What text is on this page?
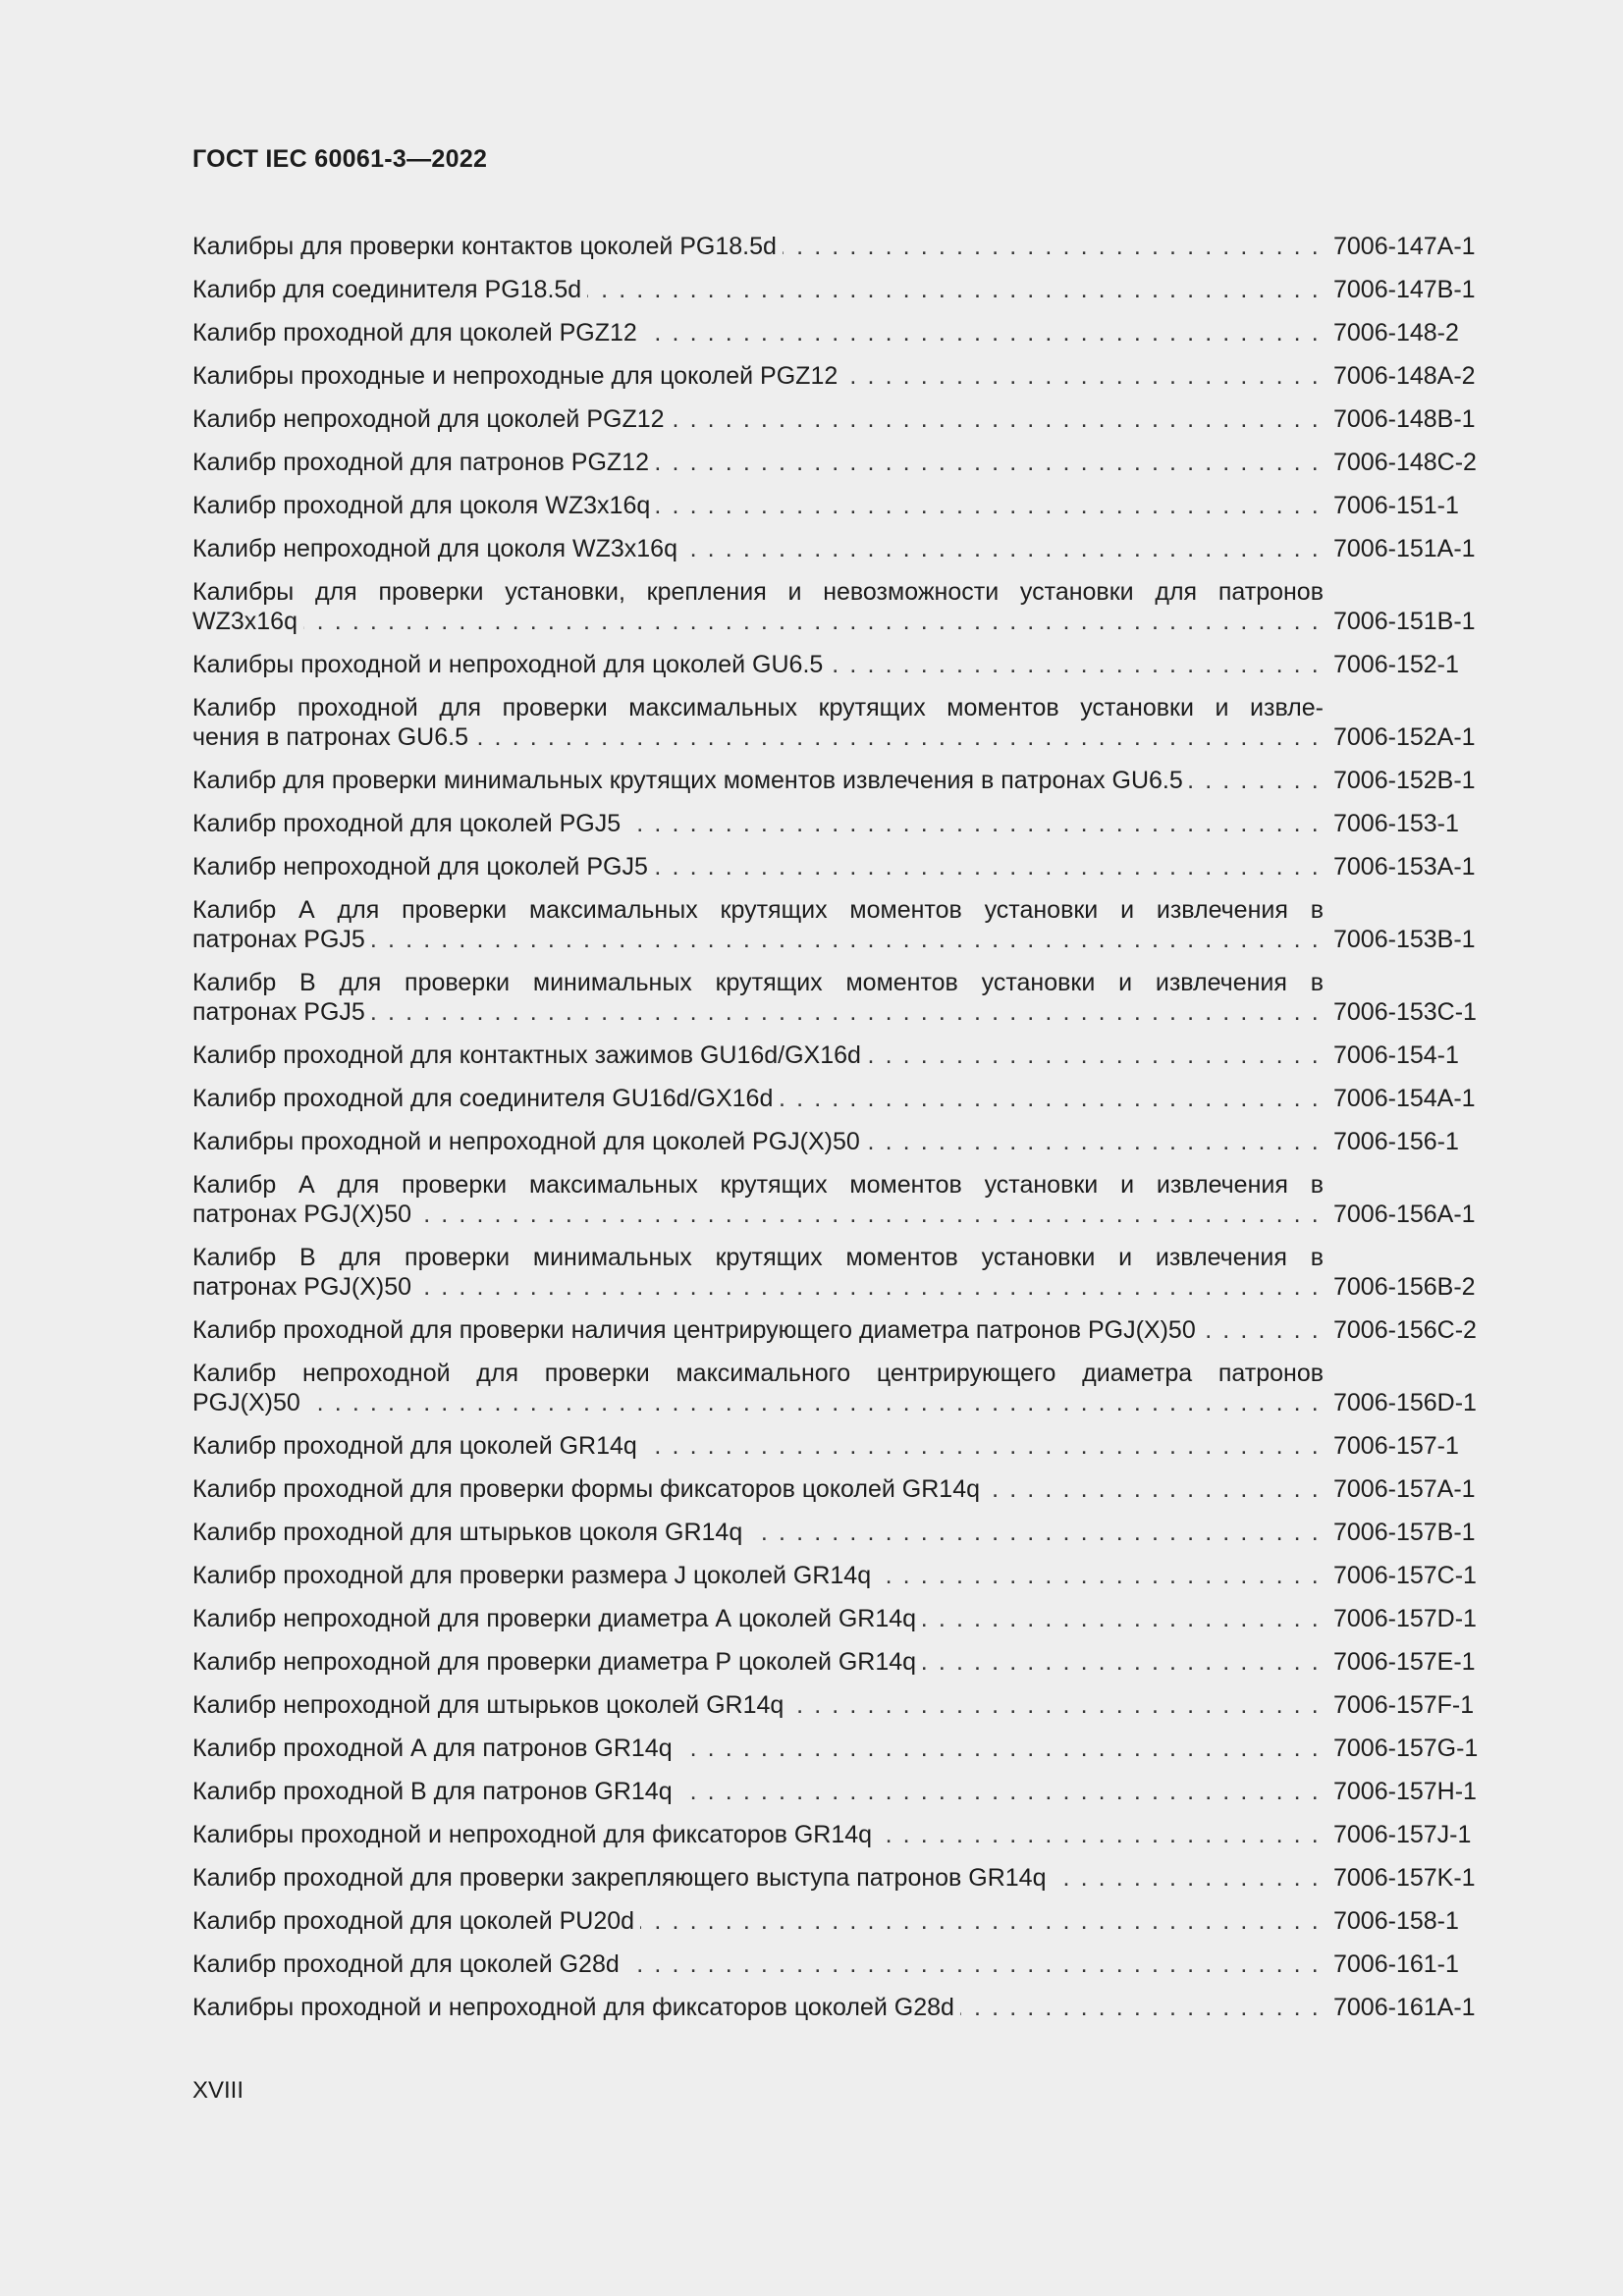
ГОСТ IEC 60061-3—2022
Калибры для проверки контактов цоколей PG18.5d . . .	7006-147A-1
Калибр для соединителя PG18.5d . . .	7006-147B-1
Калибр проходной для цоколей PGZ12 . . .	7006-148-2
Калибры проходные и непроходные для цоколей PGZ12 . . .	7006-148A-2
Калибр непроходной для цоколей PGZ12 . . .	7006-148B-1
Калибр проходной для патронов PGZ12 . . .	7006-148C-2
Калибр проходной для цоколя WZ3x16q . . .	7006-151-1
Калибр непроходной для цоколя WZ3x16q . . .	7006-151A-1
Калибры для проверки установки, крепления и невозможности установки для патронов
WZ3x16q . . .	7006-151B-1
Калибры проходной и непроходной для цоколей GU6.5 . . .	7006-152-1
Калибр проходной для проверки максимальных крутящих моментов установки и извле-
чения в патронах GU6.5 . . .	7006-152A-1
Калибр для проверки минимальных крутящих моментов извлечения в патронах GU6.5 . . .	7006-152B-1
Калибр проходной для цоколей PGJ5 . . .	7006-153-1
Калибр непроходной для цоколей PGJ5 . . .	7006-153A-1
Калибр А для проверки максимальных крутящих моментов установки и извлечения в
патронах PGJ5 . . .	7006-153B-1
Калибр В для проверки минимальных крутящих моментов установки и извлечения в
патронах PGJ5 . . .	7006-153C-1
Калибр проходной для контактных зажимов GU16d/GX16d . . .	7006-154-1
Калибр проходной для соединителя GU16d/GX16d . . .	7006-154A-1
Калибры проходной и непроходной для цоколей PGJ(X)50 . . .	7006-156-1
Калибр А для проверки максимальных крутящих моментов установки и извлечения в
патронах PGJ(X)50 . . .	7006-156A-1
Калибр В для проверки минимальных крутящих моментов установки и извлечения в
патронах PGJ(X)50 . . .	7006-156B-2
Калибр проходной для проверки наличия центрирующего диаметра патронов PGJ(X)50 . . .	7006-156C-2
Калибр непроходной для проверки максимального центрирующего диаметра патронов
PGJ(X)50 . . .	7006-156D-1
Калибр проходной для цоколей GR14q . . .	7006-157-1
Калибр проходной для проверки формы фиксаторов цоколей GR14q . . .	7006-157A-1
Калибр проходной для штырьков цоколя GR14q . . .	7006-157B-1
Калибр проходной для проверки размера J цоколей GR14q . . .	7006-157C-1
Калибр непроходной для проверки диаметра А цоколей GR14q . . .	7006-157D-1
Калибр непроходной для проверки диаметра Р цоколей GR14q . . .	7006-157E-1
Калибр непроходной для штырьков цоколей GR14q . . .	7006-157F-1
Калибр проходной А для патронов GR14q . . .	7006-157G-1
Калибр проходной В для патронов GR14q . . .	7006-157H-1
Калибры проходной и непроходной для фиксаторов GR14q . . .	7006-157J-1
Калибр проходной для проверки закрепляющего выступа патронов GR14q . . .	7006-157K-1
Калибр проходной для цоколей PU20d . . .	7006-158-1
Калибр проходной для цоколей G28d . . .	7006-161-1
Калибры проходной и непроходной для фиксаторов цоколей G28d . . .	7006-161A-1
XVIII
